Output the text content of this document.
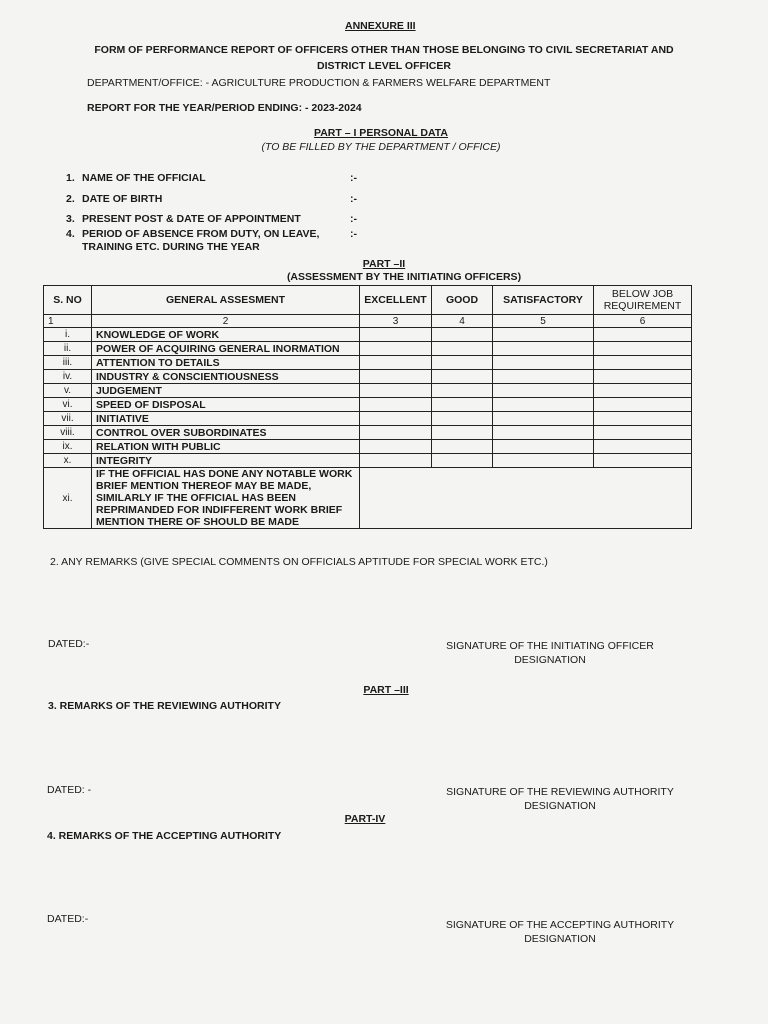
ANNEXURE III
FORM OF PERFORMANCE REPORT OF OFFICERS OTHER THAN THOSE BELONGING TO CIVIL SECRETARIAT AND
DISTRICT LEVEL OFFICER
DEPARTMENT/OFFICE: - AGRICULTURE PRODUCTION & FARMERS WELFARE DEPARTMENT
REPORT FOR THE YEAR/PERIOD ENDING: - 2023-2024
PART – I PERSONAL DATA
(TO BE FILLED BY THE DEPARTMENT / OFFICE)
1. NAME OF THE OFFICIAL	:-
2. DATE OF BIRTH	:-
3. PRESENT POST & DATE OF APPOINTMENT	:-
4. PERIOD OF ABSENCE FROM DUTY, ON LEAVE,
TRAINING ETC. DURING THE YEAR
:-
PART –II
(ASSESSMENT BY THE INITIATING OFFICERS)
S. NO	GENERAL ASSESMENT	EXCELLENT	GOOD	SATISFACTORY	BELOW JOB REQUIREMENT
1	2	3	4	5	6
i.	KNOWLEDGE OF WORK				
ii.	POWER OF ACQUIRING GENERAL INORMATION				
iii.	ATTENTION TO DETAILS				
iv.	INDUSTRY & CONSCIENTIOUSNESS				
v.	JUDGEMENT				
vi.	SPEED OF DISPOSAL				
vii.	INITIATIVE				
viii.	CONTROL OVER SUBORDINATES				
ix.	RELATION WITH PUBLIC				
x.	INTEGRITY				
xi.	IF THE OFFICIAL HAS DONE ANY NOTABLE WORK BRIEF MENTION THEREOF MAY BE MADE, SIMILARLY IF THE OFFICIAL HAS BEEN REPRIMANDED FOR INDIFFERENT WORK BRIEF MENTION THERE OF SHOULD BE MADE				
2. ANY REMARKS (GIVE SPECIAL COMMENTS ON OFFICIALS APTITUDE FOR SPECIAL WORK ETC.)
DATED:-	SIGNATURE OF THE INITIATING OFFICER
DESIGNATION
PART –III
3. REMARKS OF THE REVIEWING AUTHORITY
DATED: -	SIGNATURE OF THE REVIEWING AUTHORITY
DESIGNATION
PART-IV
4. REMARKS OF THE ACCEPTING AUTHORITY
DATED:-	SIGNATURE OF THE ACCEPTING AUTHORITY
DESIGNATION
